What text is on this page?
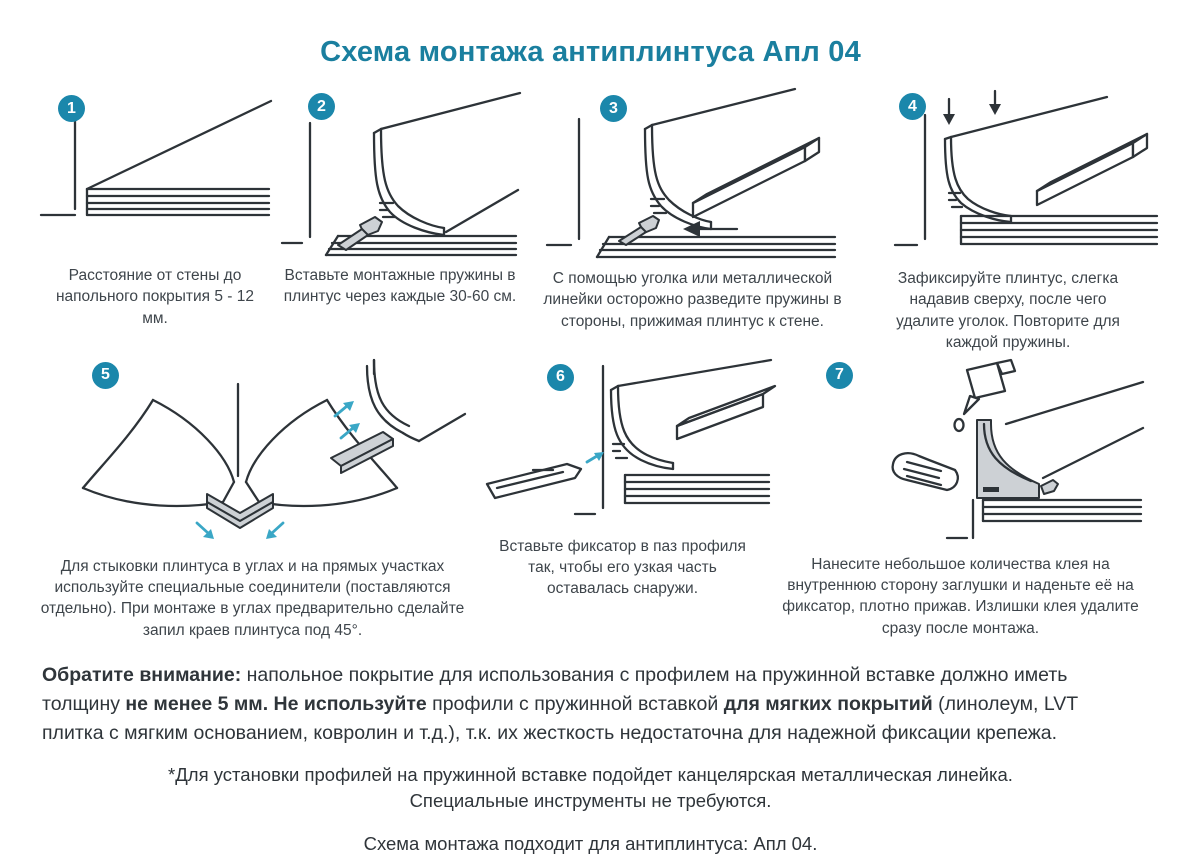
Схема монтажа антиплинтуса Апл 04
1
Расстояние от стены до напольного покрытия 5 - 12 мм.
2
Вставьте монтажные пружины в плинтус через каждые 30-60 см.
3
С помощью уголка или металлической линейки осторожно разведите пружины в стороны, прижимая плинтус к стене.
4
Зафиксируйте плинтус, слегка надавив сверху, после чего удалите уголок. Повторите для каждой пружины.
5
Для стыковки плинтуса в углах и на прямых участках используйте специальные соединители (поставляются отдельно). При монтаже в углах предварительно сделайте запил краев плинтуса под 45°.
6
Вставьте фиксатор в паз профиля так, чтобы его узкая часть оставалась снаружи.
7
Нанесите небольшое количества клея на внутреннюю сторону заглушки и наденьте её на фиксатор, плотно прижав. Излишки клея удалите сразу после монтажа.

Обратите внимание: напольное покрытие для использования с профилем на пружинной вставке должно иметь толщину не менее 5 мм. Не используйте профили с пружинной вставкой для мягких покрытий (линолеум, LVT плитка с мягким основанием, ковролин и т.д.), т.к. их жесткость недостаточна для надежной фиксации крепежа.

*Для установки профилей на пружинной вставке подойдет канцелярская металлическая линейка.
Специальные инструменты не требуются.
Схема монтажа подходит для антиплинтуса: Апл 04.
